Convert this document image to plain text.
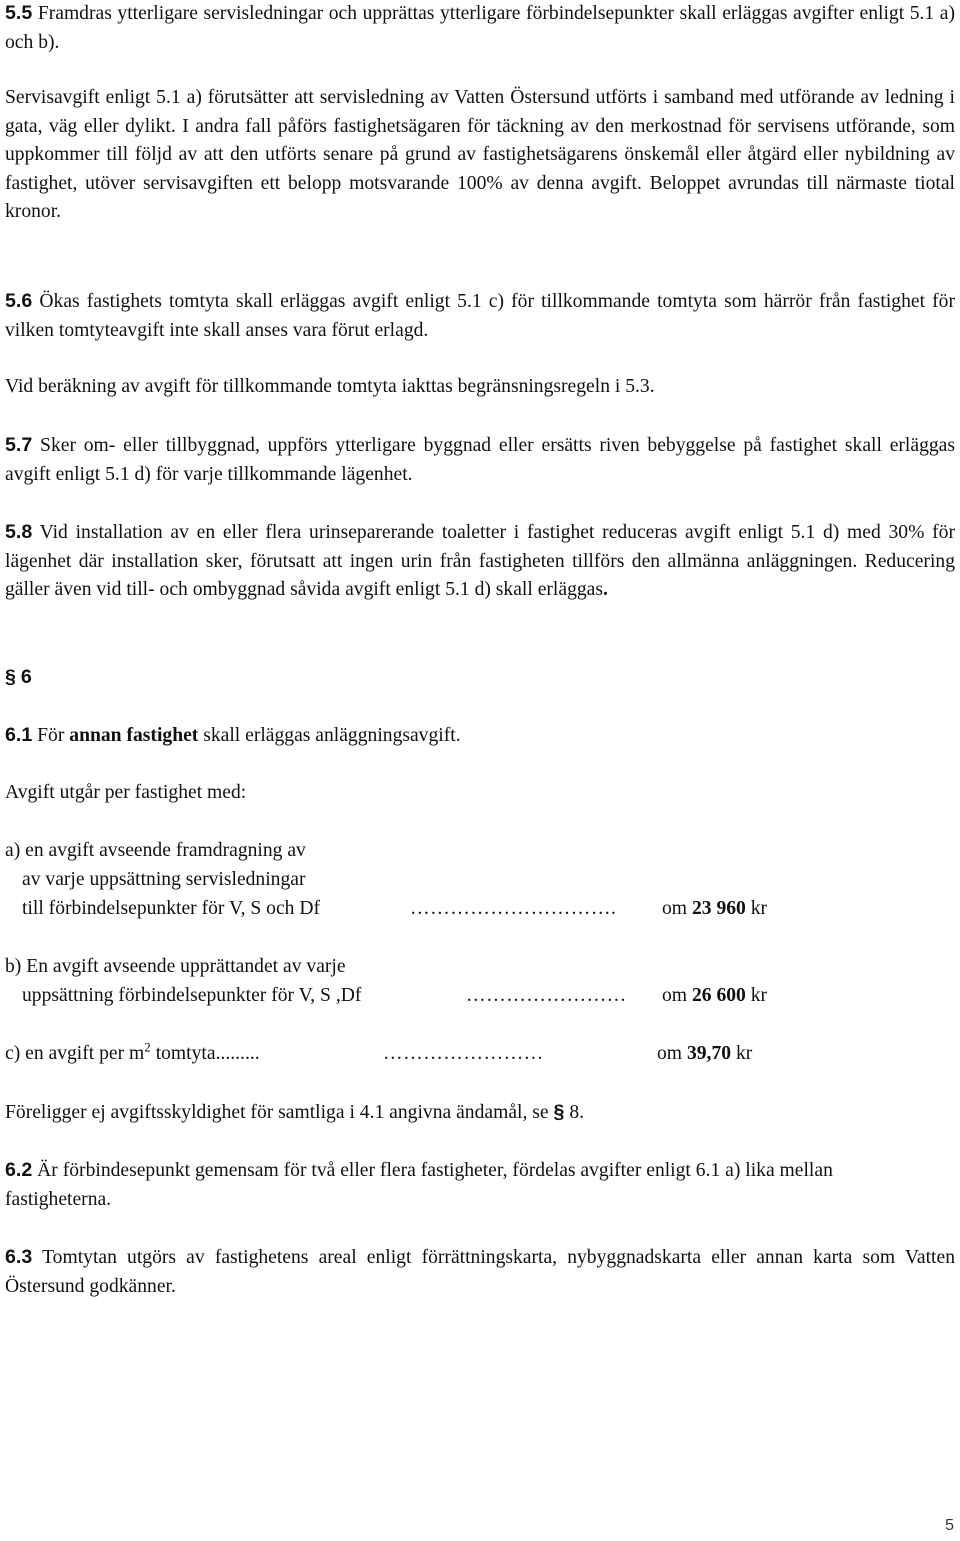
5.5 Framdras ytterligare servisledningar och upprättas ytterligare förbindelsepunkter skall erläggas avgifter enligt 5.1 a) och b).

Servisavgift enligt 5.1 a) förutsätter att servisledning av Vatten Östersund utförts i samband med utförande av ledning i gata, väg eller dylikt. I andra fall påförs fastighetsägaren för täckning av den merkostnad för servisens utförande, som uppkommer till följd av att den utförts senare på grund av fastighetsägarens önskemål eller åtgärd eller nybildning av fastighet, utöver servisavgiften ett belopp motsvarande 100% av denna avgift. Beloppet avrundas till närmaste tiotal kronor.

5.6 Ökas fastighets tomtyta skall erläggas avgift enligt 5.1 c) för tillkommande tomtyta som härrör från fastighet för vilken tomtyteavgift inte skall anses vara förut erlagd.

Vid beräkning av avgift för tillkommande tomtyta iakttas begränsningsregeln i 5.3.

5.7 Sker om- eller tillbyggnad, uppförs ytterligare byggnad eller ersätts riven bebyggelse på fastighet skall erläggas avgift enligt 5.1 d) för varje tillkommande lägenhet.

5.8 Vid installation av en eller flera urinseparerande toaletter i fastighet reduceras avgift enligt 5.1 d) med 30% för lägenhet där installation sker, förutsatt att ingen urin från fastigheten tillförs den allmänna anläggningen. Reducering gäller även vid till- och ombyggnad såvida avgift enligt 5.1 d) skall erläggas.

§ 6

6.1 För annan fastighet skall erläggas anläggningsavgift.

Avgift utgår per fastighet med:

a) en avgift avseende framdragning av
av varje uppsättning servisledningar
till förbindelsepunkter för V, S och Df	………………………….	om 23 960 kr
b) En avgift avseende upprättandet av varje
uppsättning förbindelsepunkter för V, S ,Df	……………………	om 26 600 kr
c) en avgift per $m^2$ tomtyta.........	……………………	om 39,70 kr

Föreligger ej avgiftsskyldighet för samtliga i 4.1 angivna ändamål, se § 8.

6.2 Är förbindesepunkt gemensam för två eller flera fastigheter, fördelas avgifter enligt 6.1 a) lika mellan fastigheterna.

6.3 Tomtytan utgörs av fastighetens areal enligt förrättningskarta, nybyggnadskarta eller annan karta som Vatten Östersund godkänner.

5
